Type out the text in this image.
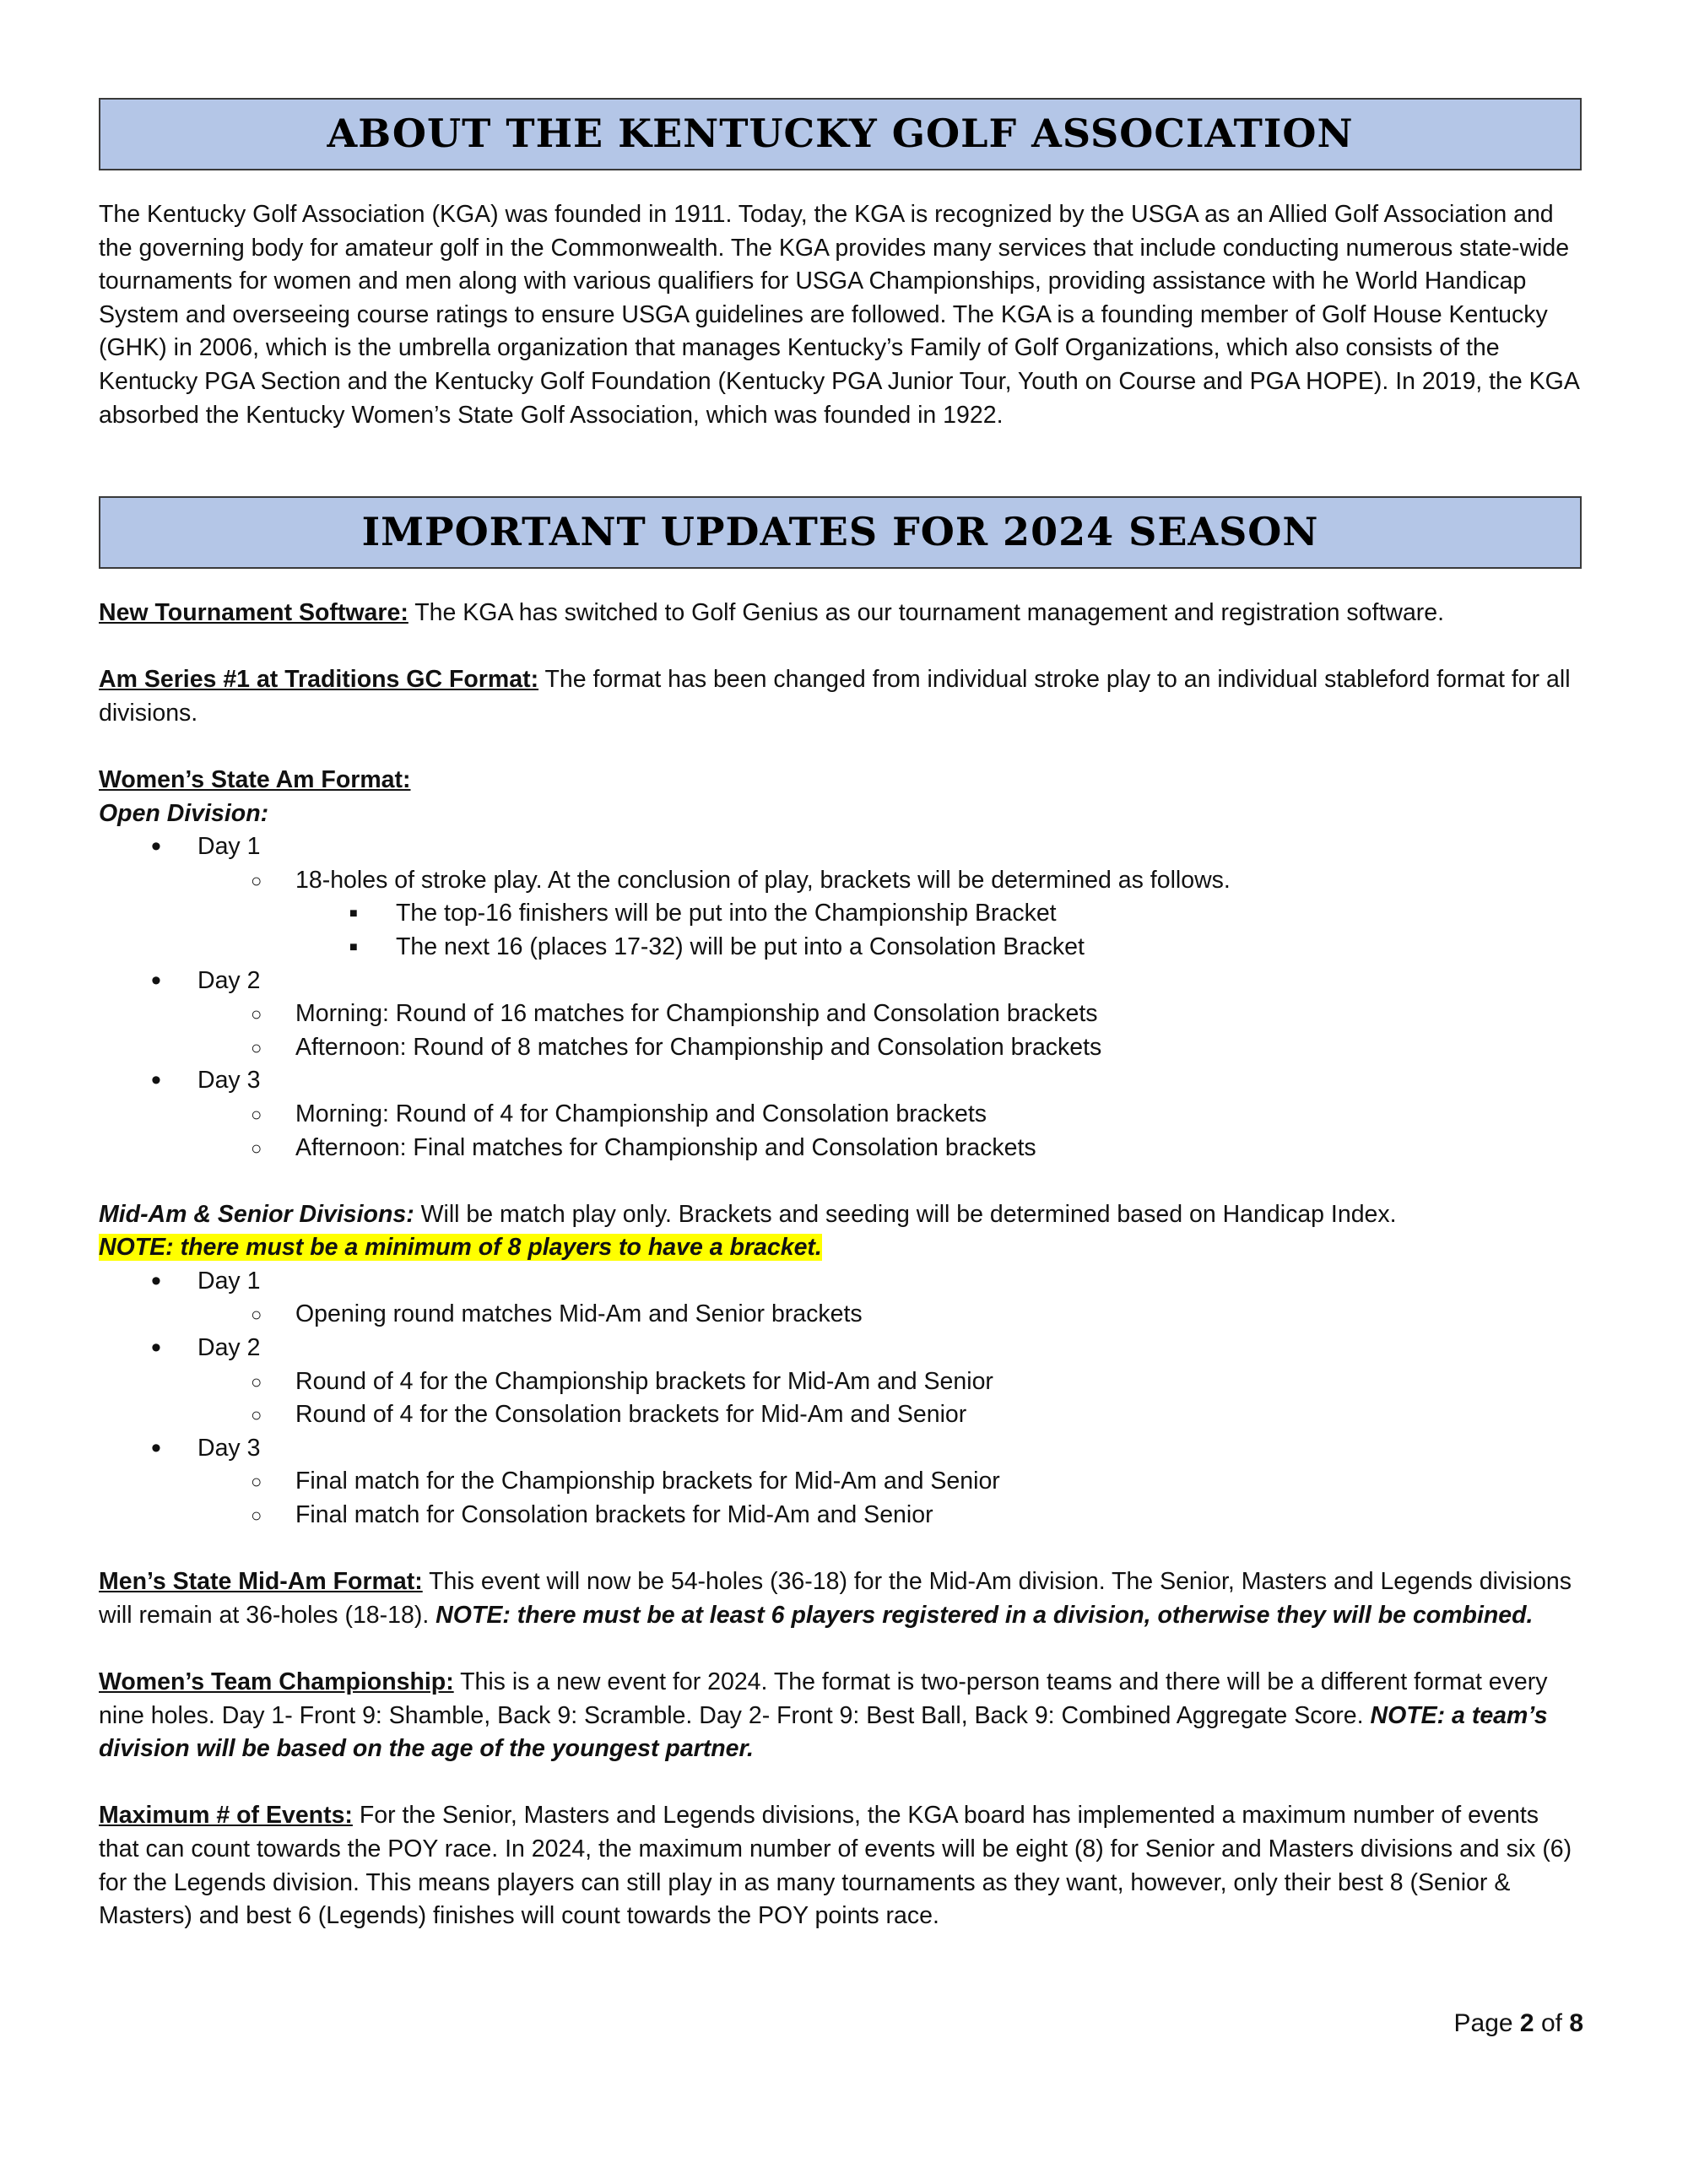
ABOUT THE KENTUCKY GOLF ASSOCIATION

The Kentucky Golf Association (KGA) was founded in 1911. Today, the KGA is recognized by the USGA as an Allied Golf Association and the governing body for amateur golf in the Commonwealth. The KGA provides many services that include conducting numerous state-wide tournaments for women and men along with various qualifiers for USGA Championships, providing assistance with he World Handicap System and overseeing course ratings to ensure USGA guidelines are followed. The KGA is a founding member of Golf House Kentucky (GHK) in 2006, which is the umbrella organization that manages Kentucky’s Family of Golf Organizations, which also consists of the Kentucky PGA Section and the Kentucky Golf Foundation (Kentucky PGA Junior Tour, Youth on Course and PGA HOPE). In 2019, the KGA absorbed the Kentucky Women’s State Golf Association, which was founded in 1922.

IMPORTANT UPDATES FOR 2024 SEASON

New Tournament Software: The KGA has switched to Golf Genius as our tournament management and registration software.

Am Series #1 at Traditions GC Format: The format has been changed from individual stroke play to an individual stableford format for all divisions.

Women’s State Am Format:

Open Division:

• Day 1
○ 18-holes of stroke play. At the conclusion of play, brackets will be determined as follows.
■ The top-16 finishers will be put into the Championship Bracket
■ The next 16 (places 17-32) will be put into a Consolation Bracket
• Day 2
○ Morning: Round of 16 matches for Championship and Consolation brackets
○ Afternoon: Round of 8 matches for Championship and Consolation brackets
• Day 3
○ Morning: Round of 4 for Championship and Consolation brackets
○ Afternoon: Final matches for Championship and Consolation brackets

Mid-Am & Senior Divisions: Will be match play only. Brackets and seeding will be determined based on Handicap Index.

NOTE: there must be a minimum of 8 players to have a bracket.

• Day 1
○ Opening round matches Mid-Am and Senior brackets
• Day 2
○ Round of 4 for the Championship brackets for Mid-Am and Senior
○ Round of 4 for the Consolation brackets for Mid-Am and Senior
• Day 3
○ Final match for the Championship brackets for Mid-Am and Senior
○ Final match for Consolation brackets for Mid-Am and Senior

Men’s State Mid-Am Format: This event will now be 54-holes (36-18) for the Mid-Am division. The Senior, Masters and Legends divisions will remain at 36-holes (18-18). NOTE: there must be at least 6 players registered in a division, otherwise they will be combined.

Women’s Team Championship: This is a new event for 2024. The format is two-person teams and there will be a different format every nine holes. Day 1- Front 9: Shamble, Back 9: Scramble. Day 2- Front 9: Best Ball, Back 9: Combined Aggregate Score. NOTE: a team’s division will be based on the age of the youngest partner.

Maximum # of Events: For the Senior, Masters and Legends divisions, the KGA board has implemented a maximum number of events that can count towards the POY race. In 2024, the maximum number of events will be eight (8) for Senior and Masters divisions and six (6) for the Legends division. This means players can still play in as many tournaments as they want, however, only their best 8 (Senior & Masters) and best 6 (Legends) finishes will count towards the POY points race.

Page 2 of 8
